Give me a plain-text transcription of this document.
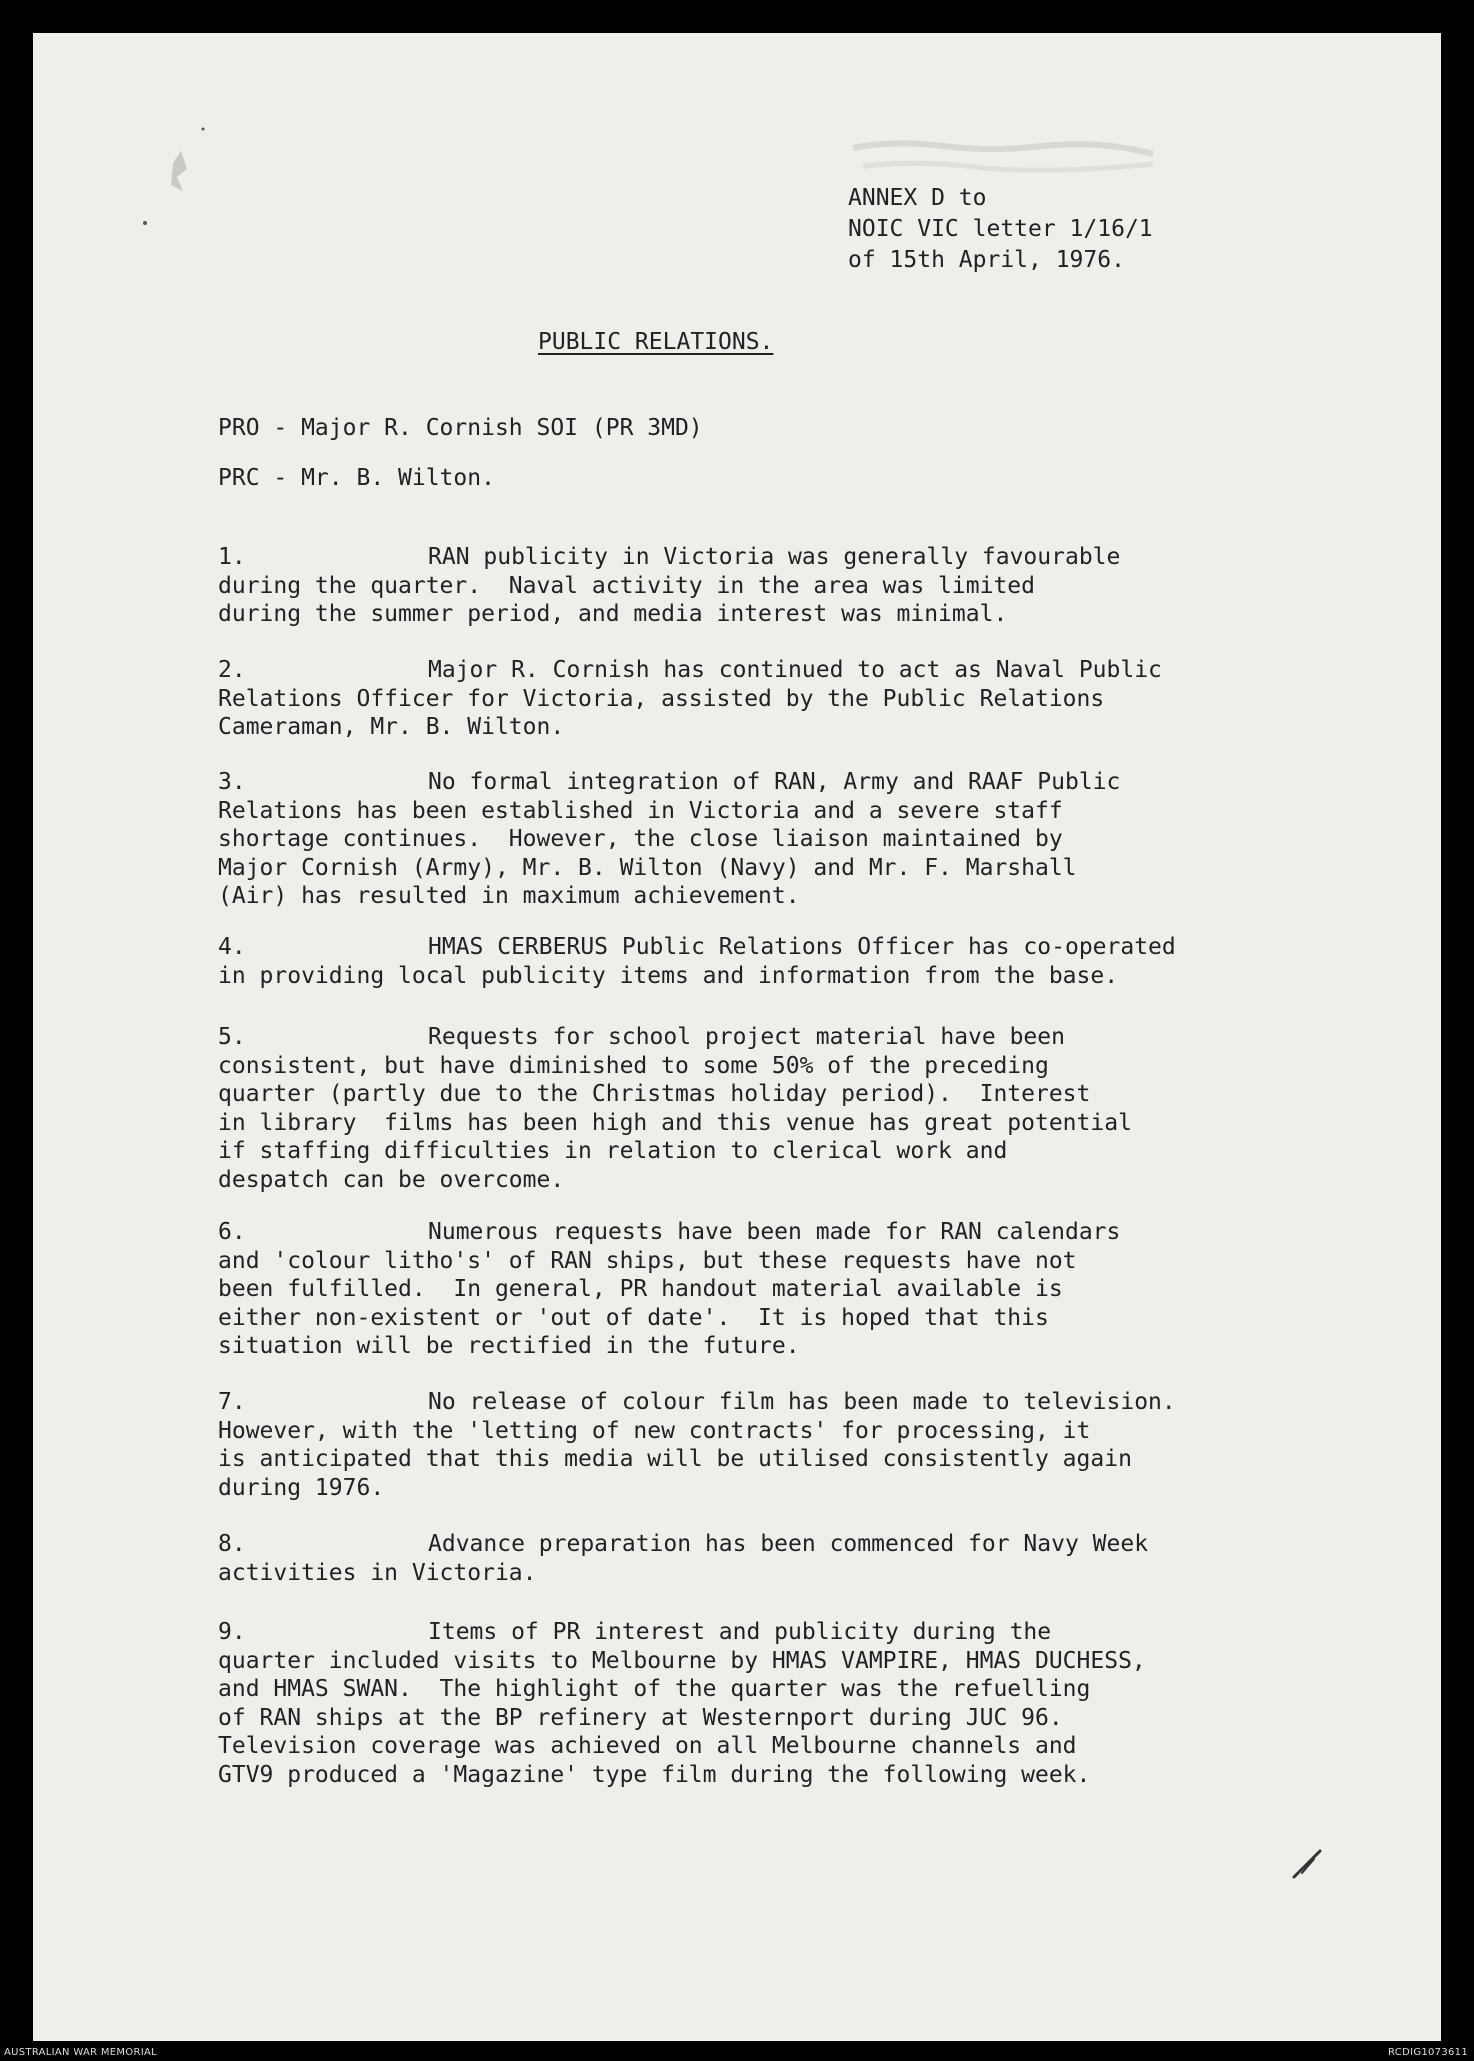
ANNEX D to
NOIC VIC letter 1/16/1
of 15th April, 1976.
PUBLIC RELATIONS.
PRO - Major R. Cornish SOI (PR 3MD)
PRC - Mr. B. Wilton.
1.	RAN publicity in Victoria was generally favourable
during the quarter.  Naval activity in the area was limited
during the summer period, and media interest was minimal.
2.	Major R. Cornish has continued to act as Naval Public
Relations Officer for Victoria, assisted by the Public Relations
Cameraman, Mr. B. Wilton.
3.	No formal integration of RAN, Army and RAAF Public
Relations has been established in Victoria and a severe staff
shortage continues.  However, the close liaison maintained by
Major Cornish (Army), Mr. B. Wilton (Navy) and Mr. F. Marshall
(Air) has resulted in maximum achievement.
4.	HMAS CERBERUS Public Relations Officer has co-operated
in providing local publicity items and information from the base.
5.	Requests for school project material have been
consistent, but have diminished to some 50% of the preceding
quarter (partly due to the Christmas holiday period).  Interest
in library  films has been high and this venue has great potential
if staffing difficulties in relation to clerical work and
despatch can be overcome.
6.	Numerous requests have been made for RAN calendars
and 'colour litho's' of RAN ships, but these requests have not
been fulfilled.  In general, PR handout material available is
either non-existent or 'out of date'.  It is hoped that this
situation will be rectified in the future.
7.	No release of colour film has been made to television.
However, with the 'letting of new contracts' for processing, it
is anticipated that this media will be utilised consistently again
during 1976.
8.	Advance preparation has been commenced for Navy Week
activities in Victoria.
9.	Items of PR interest and publicity during the
quarter included visits to Melbourne by HMAS VAMPIRE, HMAS DUCHESS,
and HMAS SWAN.  The highlight of the quarter was the refuelling
of RAN ships at the BP refinery at Westernport during JUC 96.
Television coverage was achieved on all Melbourne channels and
GTV9 produced a 'Magazine' type film during the following week.
AUSTRALIAN WAR MEMORIAL	RCDIG1073611
